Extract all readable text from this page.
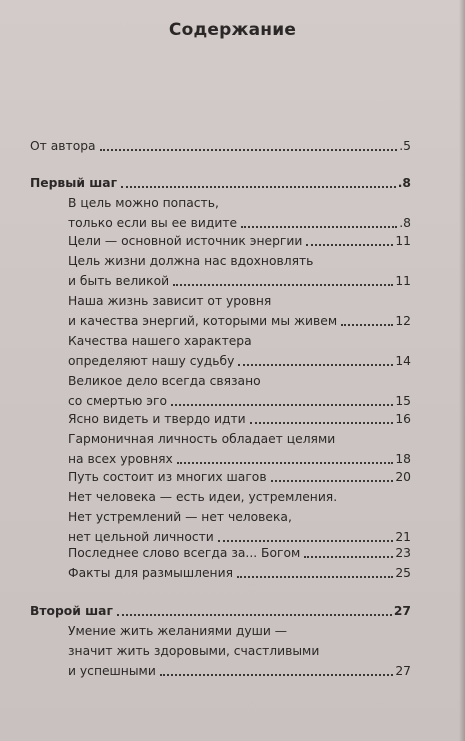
Содержание
От автора	.5
Первый шаг	.8
В цель можно попасть,
только если вы ее видите	.8
Цели — основной источник энергии	11
Цель жизни должна нас вдохновлять
и быть великой	11
Наша жизнь зависит от уровня
и качества энергий, которыми мы живем	12
Качества нашего характера
определяют нашу судьбу	14
Великое дело всегда связано
со смертью эго	15
Ясно видеть и твердо идти	16
Гармоничная личность обладает целями
на всех уровнях	18
Путь состоит из многих шагов	20
Нет человека — есть идеи, устремления.
Нет устремлений — нет человека,
нет цельной личности	21
Последнее слово всегда за... Богом	23
Факты для размышления	25
Второй шаг	27
Умение жить желаниями души —
значит жить здоровыми, счастливыми
и успешными	27
